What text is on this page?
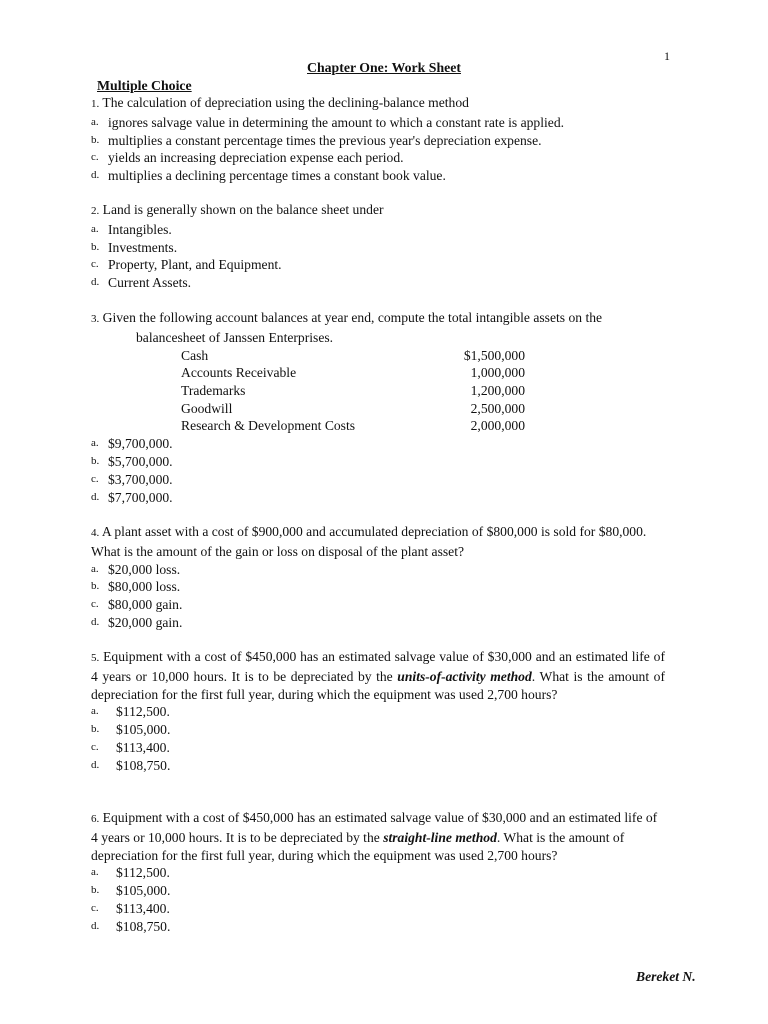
1
Chapter One: Work Sheet
Multiple Choice
1. The calculation of depreciation using the declining-balance method
a. ignores salvage value in determining the amount to which a constant rate is applied.
b. multiplies a constant percentage times the previous year's depreciation expense.
c. yields an increasing depreciation expense each period.
d. multiplies a declining percentage times a constant book value.
2. Land is generally shown on the balance sheet under
a. Intangibles.
b. Investments.
c. Property, Plant, and Equipment.
d. Current Assets.
3. Given the following account balances at year end, compute the total intangible assets on the
balancesheet of Janssen Enterprises.
Cash	$1,500,000
Accounts Receivable	1,000,000
Trademarks	1,200,000
Goodwill	2,500,000
Research & Development Costs	2,000,000
a. $9,700,000.
b. $5,700,000.
c. $3,700,000.
d. $7,700,000.
4. A plant asset with a cost of $900,000 and accumulated depreciation of $800,000 is sold for $80,000. What is the amount of the gain or loss on disposal of the plant asset?
a. $20,000 loss.
b. $80,000 loss.
c. $80,000 gain.
d. $20,000 gain.
5. Equipment with a cost of $450,000 has an estimated salvage value of $30,000 and an estimated life of 4 years or 10,000 hours. It is to be depreciated by the units-of-activity method. What is the amount of depreciation for the first full year, during which the equipment was used 2,700 hours?
a.	$112,500.
b.	$105,000.
c.	$113,400.
d.	$108,750.
6. Equipment with a cost of $450,000 has an estimated salvage value of $30,000 and an estimated life of 4 years or 10,000 hours. It is to be depreciated by the straight-line method. What is the amount of depreciation for the first full year, during which the equipment was used 2,700 hours?
a.	$112,500.
b.	$105,000.
c.	$113,400.
d.	$108,750.
Bereket N.
